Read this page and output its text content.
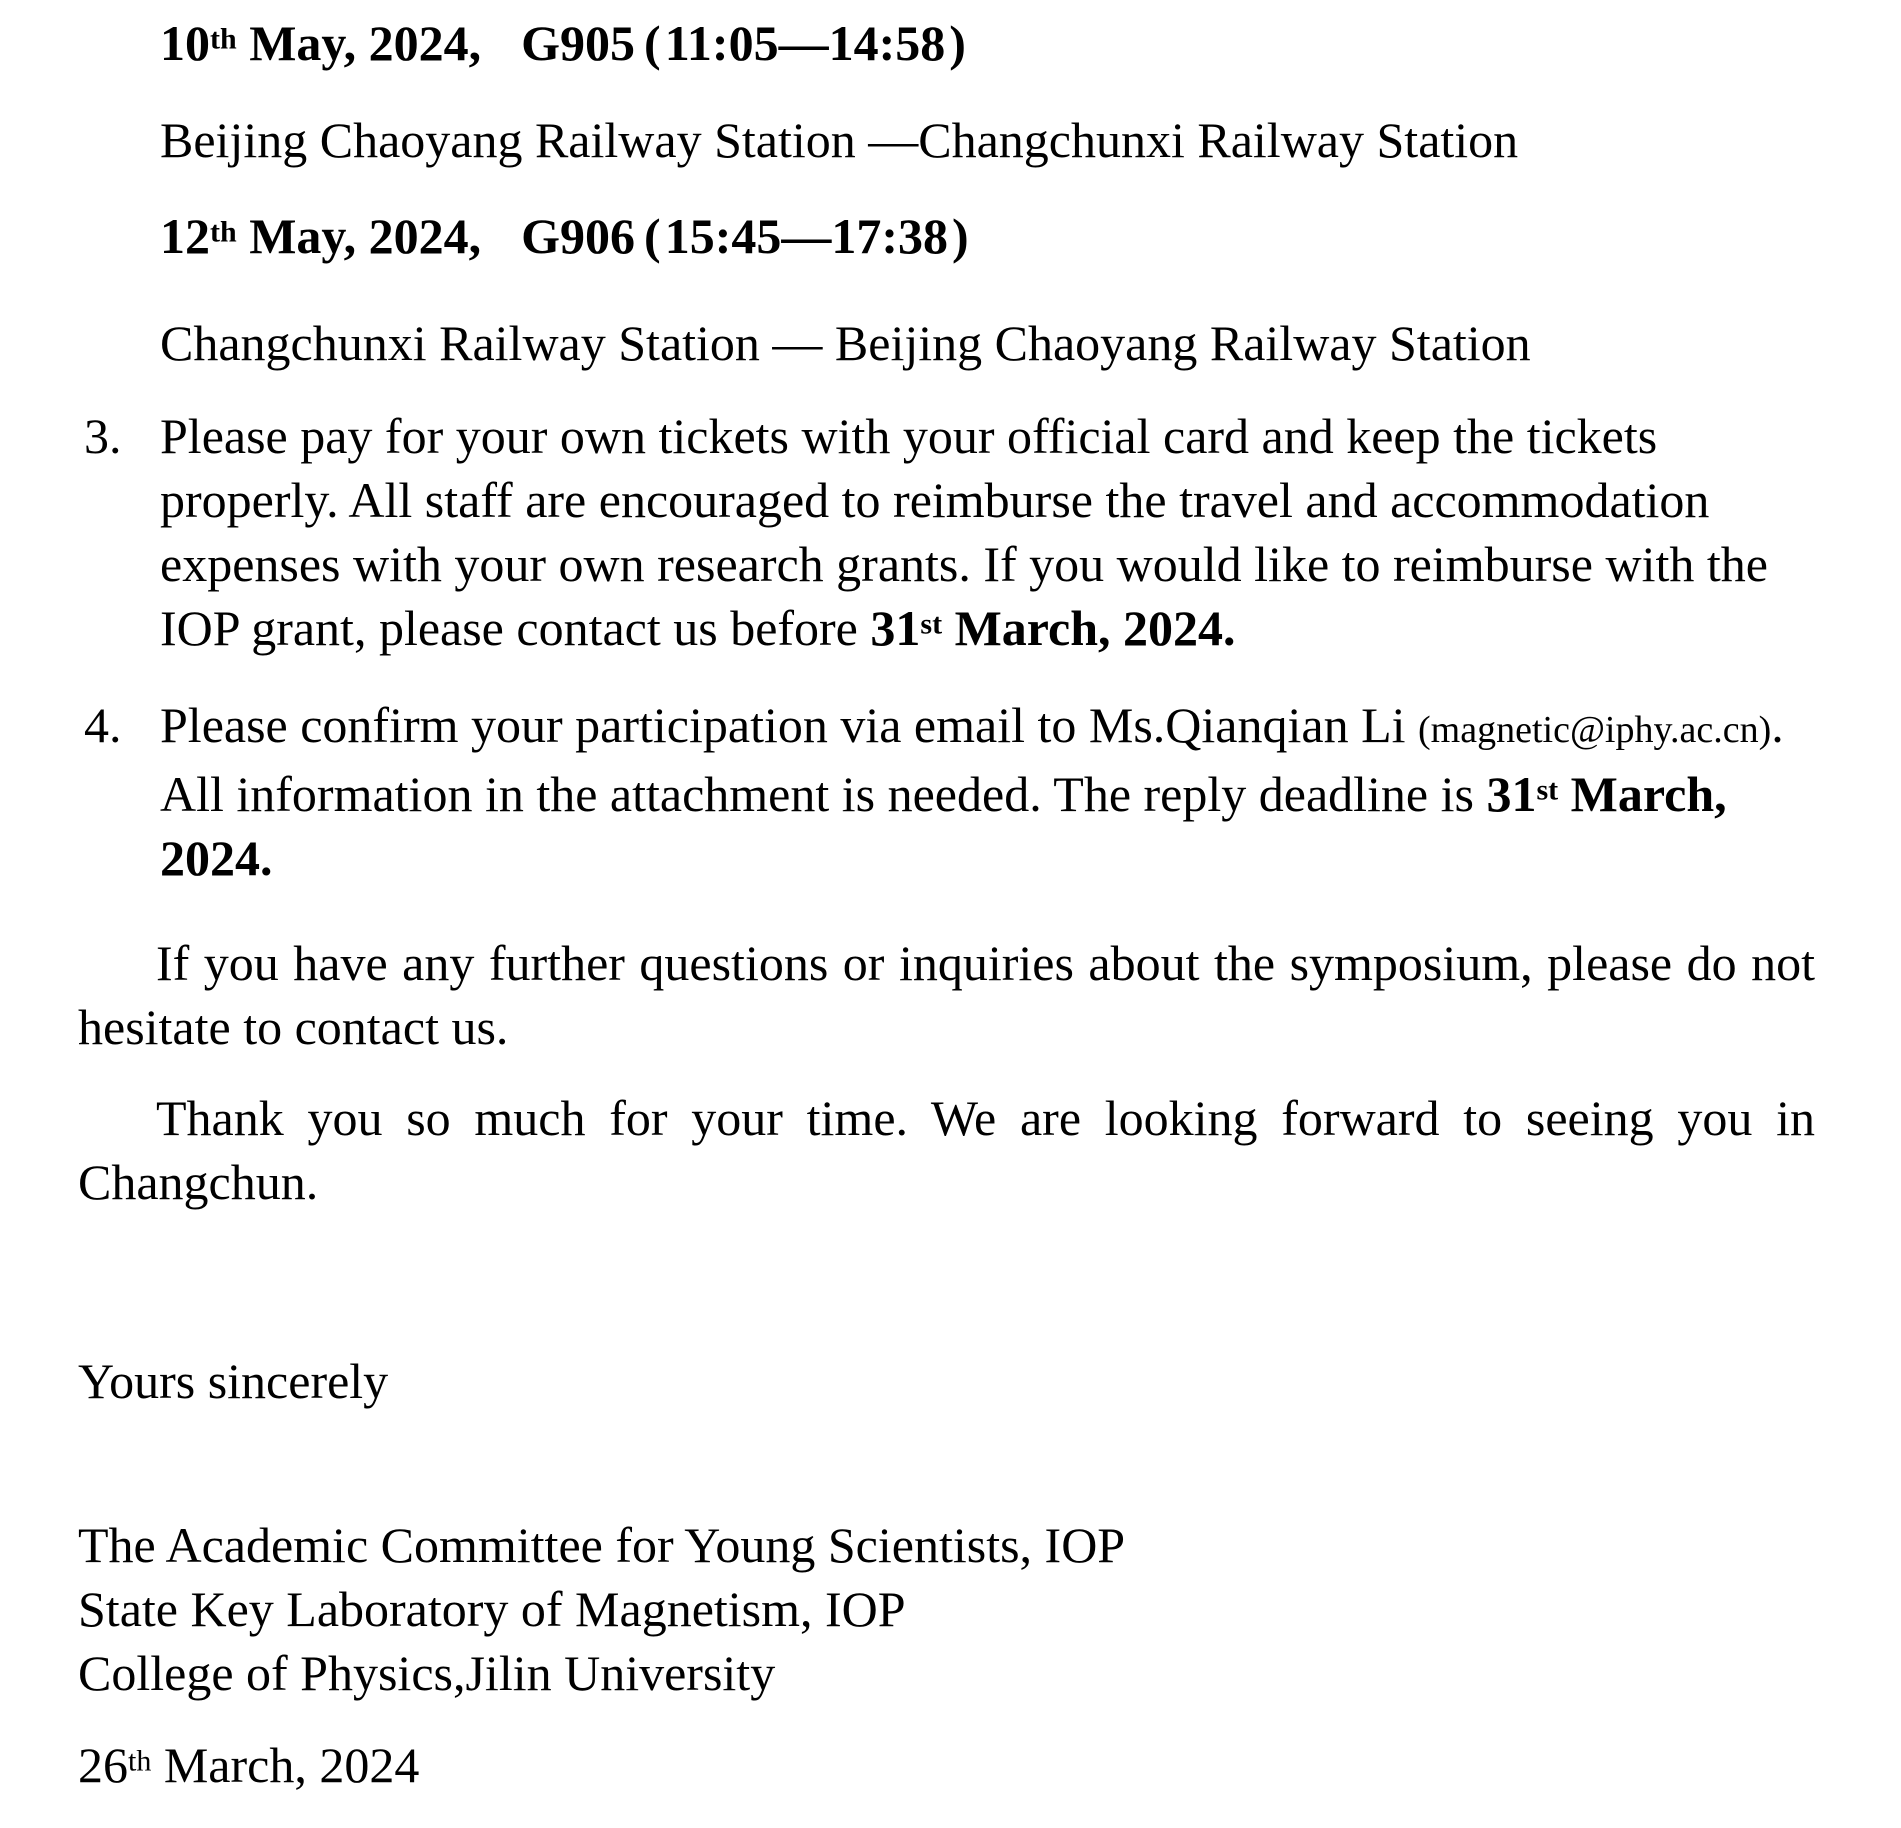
10th May, 2024, G905 (11:05—14:58)
Beijing Chaoyang Railway Station —Changchunxi Railway Station
12th May, 2024, G906 (15:45—17:38)
Changchunxi Railway Station — Beijing Chaoyang Railway Station
3. Please pay for your own tickets with your official card and keep the tickets
properly. All staff are encouraged to reimburse the travel and accommodation
expenses with your own research grants. If you would like to reimburse with the
IOP grant, please contact us before 31st March, 2024.
4. Please confirm your participation via email to Ms.Qianqian Li (magnetic@iphy.ac.cn).
All information in the attachment is needed. The reply deadline is 31st March,
2024.
If you have any further questions or inquiries about the symposium, please do not
hesitate to contact us.
Thank you so much for your time. We are looking forward to seeing you in
Changchun.
Yours sincerely
The Academic Committee for Young Scientists, IOP
State Key Laboratory of Magnetism, IOP
College of Physics,Jilin University
26th March, 2024
